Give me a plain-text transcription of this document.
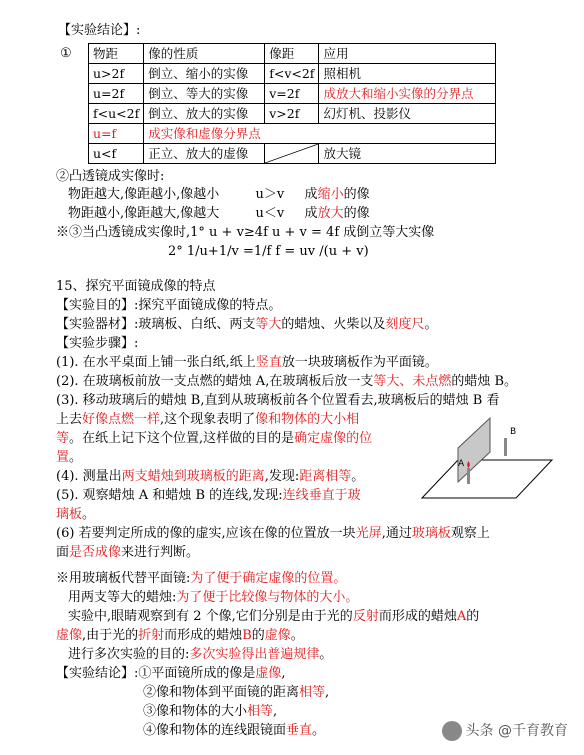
【实验结论】:
① 物距	像的性质	像距	应用
u>2f	倒立、缩小的实像	f<v<2f	照相机
u=2f	倒立、等大的实像	v=2f	成放大和缩小实像的分界点
f<u<2f	倒立、放大的实像	v>2f	幻灯机、投影仪
u=f	成实像和虚像分界点		
u<f	正立、放大的虚像		放大镜
②凸透镜成实像时:
物距越大,像距越小,像越小	u＞v 成缩小的像
物距越小,像距越大,像越大	u＜v 成放大的像
※③当凸透镜成实像时,1° u + v≥4f u + v = 4f 成倒立等大实像
2° 1/u+1/v =1/f f = uv /(u + v)
15、探究平面镜成像的特点
【实验目的】:探究平面镜成像的特点。
【实验器材】:玻璃板、白纸、两支等大的蜡烛、火柴以及刻度尺。
【实验步骤】:
(1). 在水平桌面上铺一张白纸,纸上竖直放一块玻璃板作为平面镜。
(2). 在玻璃板前放一支点燃的蜡烛 A,在玻璃板后放一支等大、未点燃的蜡烛 B。
(3). 移动玻璃后的蜡烛 B,直到从玻璃板前各个位置看去,玻璃板后的蜡烛 B 看
上去好像点燃一样,这个现象表明了像和物体的大小相
等。在纸上记下这个位置,这样做的目的是确定虚像的位
置。
(4). 测量出两支蜡烛到玻璃板的距离,发现:距离相等。
(5). 观察蜡烛 A 和蜡烛 B 的连线,发现:连线垂直于玻
璃板。
(6) 若要判定所成的像的虚实,应该在像的位置放一块光屏,通过玻璃板观察上
面是否成像来进行判断。
A
B
※用玻璃板代替平面镜:为了便于确定虚像的位置。
用两支等大的蜡烛:为了便于比较像与物体的大小。
实验中,眼睛观察到有 2 个像,它们分别是由于光的反射而形成的蜡烛A的
虚像,由于光的折射而形成的蜡烛B的虚像。
进行多次实验的目的:多次实验得出普遍规律。
【实验结论】:①平面镜所成的像是虚像,
②像和物体到平面镜的距离相等,
③像和物体的大小相等,
④像和物体的连线跟镜面垂直。	头条 @千育教育
